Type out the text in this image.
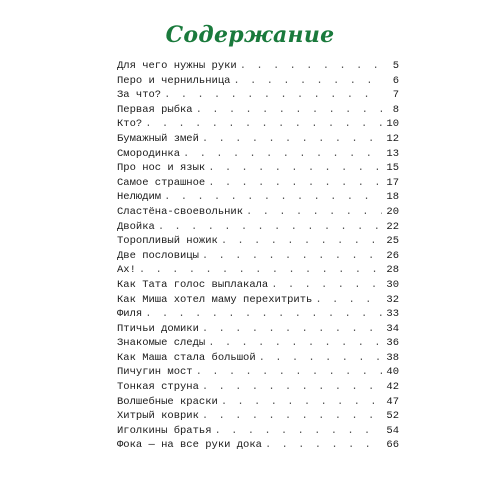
Содержание
Для чего нужны руки . . .	5
Перо и чернильница . . .	6
За что? . . .	7
Первая рыбка . . .	8
Кто? . . .	10
Бумажный змей . . .	12
Смородинка . . .	13
Про нос и язык . . .	15
Самое страшное . . .	17
Нелюдим . . .	18
Сластёна-своевольник . . .	20
Двойка . . .	22
Торопливый ножик . . .	25
Две пословицы . . .	26
Ах! . . .	28
Как Тата голос выплакала . . .	30
Как Миша хотел маму перехитрить . . .	32
Филя . . .	33
Птичьи домики . . .	34
Знакомые следы . . .	36
Как Маша стала большой . . .	38
Пичугин мост . . .	40
Тонкая струна . . .	42
Волшебные краски . . .	47
Хитрый коврик . . .	52
Иголкины братья . . .	54
Фока — на все руки дока . . .	66
